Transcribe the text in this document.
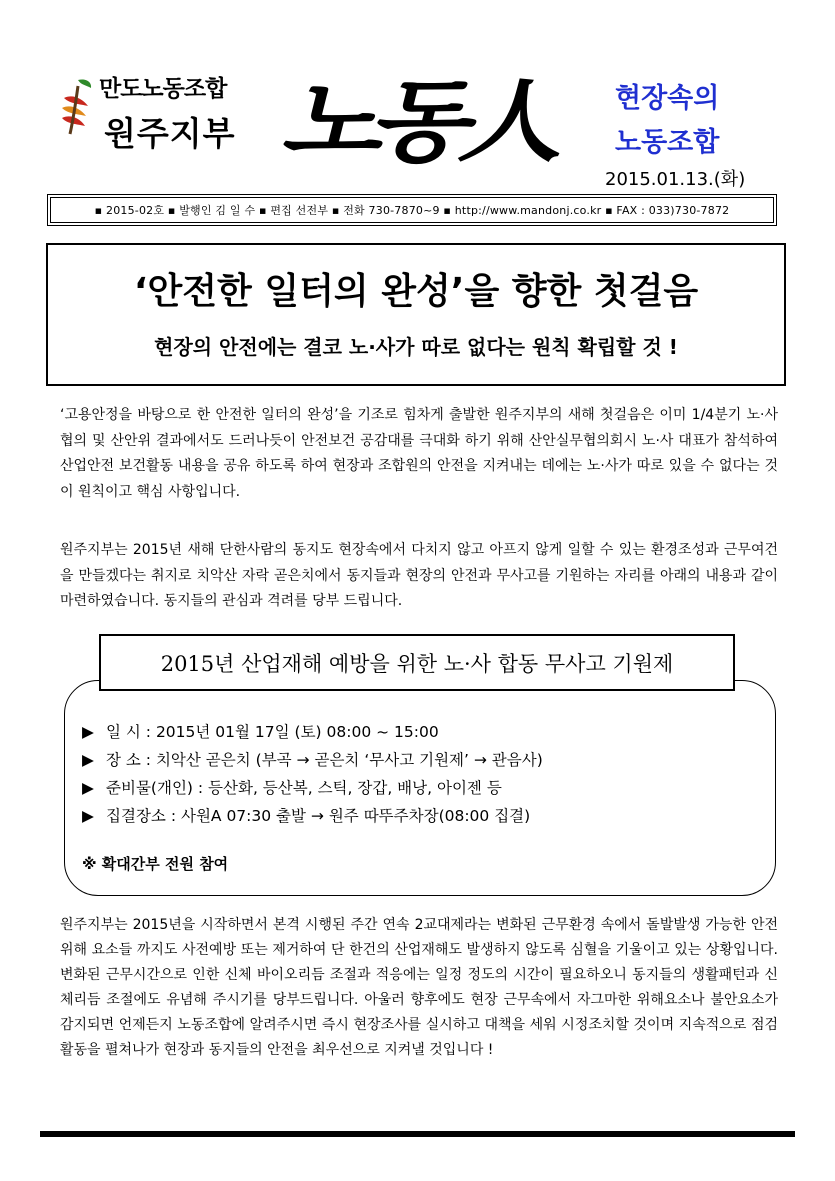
만도노동조합
원주지부 노동人	현장속의
노동조합
2015.01.13.(화)
▪ 2015-02호 ▪ 발행인 김 일 수 ▪ 편집 선전부 ▪ 전화 730-7870~9 ▪ http://www.mandonj.co.kr ▪ FAX : 033)730-7872
‘안전한 일터의 완성’을 향한 첫걸음
현장의 안전에는 결코 노·사가 따로 없다는 원칙 확립할 것 !
‘고용안정을 바탕으로 한 안전한 일터의 완성’을 기조로 힘차게 출발한 원주지부의 새해 첫걸음은 이미 1/4분기 노·사협의 및 산안위 결과에서도 드러나듯이 안전보건 공감대를 극대화 하기 위해 산안실무협의회시 노·사 대표가 참석하여 산업안전 보건활동 내용을 공유 하도록 하여 현장과 조합원의 안전을 지켜내는 데에는 노·사가 따로 있을 수 없다는 것이 원칙이고 핵심 사항입니다.
원주지부는 2015년 새해 단한사람의 동지도 현장속에서 다치지 않고 아프지 않게 일할 수 있는 환경조성과 근무여건을 만들겠다는 취지로 치악산 자락 곧은치에서 동지들과 현장의 안전과 무사고를 기원하는 자리를 아래의 내용과 같이 마련하였습니다. 동지들의 관심과 격려를 당부 드립니다.
2015년 산업재해 예방을 위한 노·사 합동 무사고 기원제
▶ 일 시 : 2015년 01월 17일 (토) 08:00 ~ 15:00
▶ 장 소 : 치악산 곧은치 (부곡 → 곧은치 ‘무사고 기원제’ → 관음사)
▶ 준비물(개인) : 등산화, 등산복, 스틱, 장갑, 배낭, 아이젠 등
▶ 집결장소 : 사원A 07:30 출발 → 원주 따뚜주차장(08:00 집결)
※ 확대간부 전원 참여
원주지부는 2015년을 시작하면서 본격 시행된 주간 연속 2교대제라는 변화된 근무환경 속에서 돌발발생 가능한 안전위해 요소들 까지도 사전예방 또는 제거하여 단 한건의 산업재해도 발생하지 않도록 심혈을 기울이고 있는 상황입니다. 변화된 근무시간으로 인한 신체 바이오리듬 조절과 적응에는 일정 정도의 시간이 필요하오니 동지들의 생활패턴과 신체리듬 조절에도 유념해 주시기를 당부드립니다. 아울러 향후에도 현장 근무속에서 자그마한 위해요소나 불안요소가 감지되면 언제든지 노동조합에 알려주시면 즉시 현장조사를 실시하고 대책을 세워 시정조치할 것이며 지속적으로 점검활동을 펼쳐나가 현장과 동지들의 안전을 최우선으로 지켜낼 것입니다 !
